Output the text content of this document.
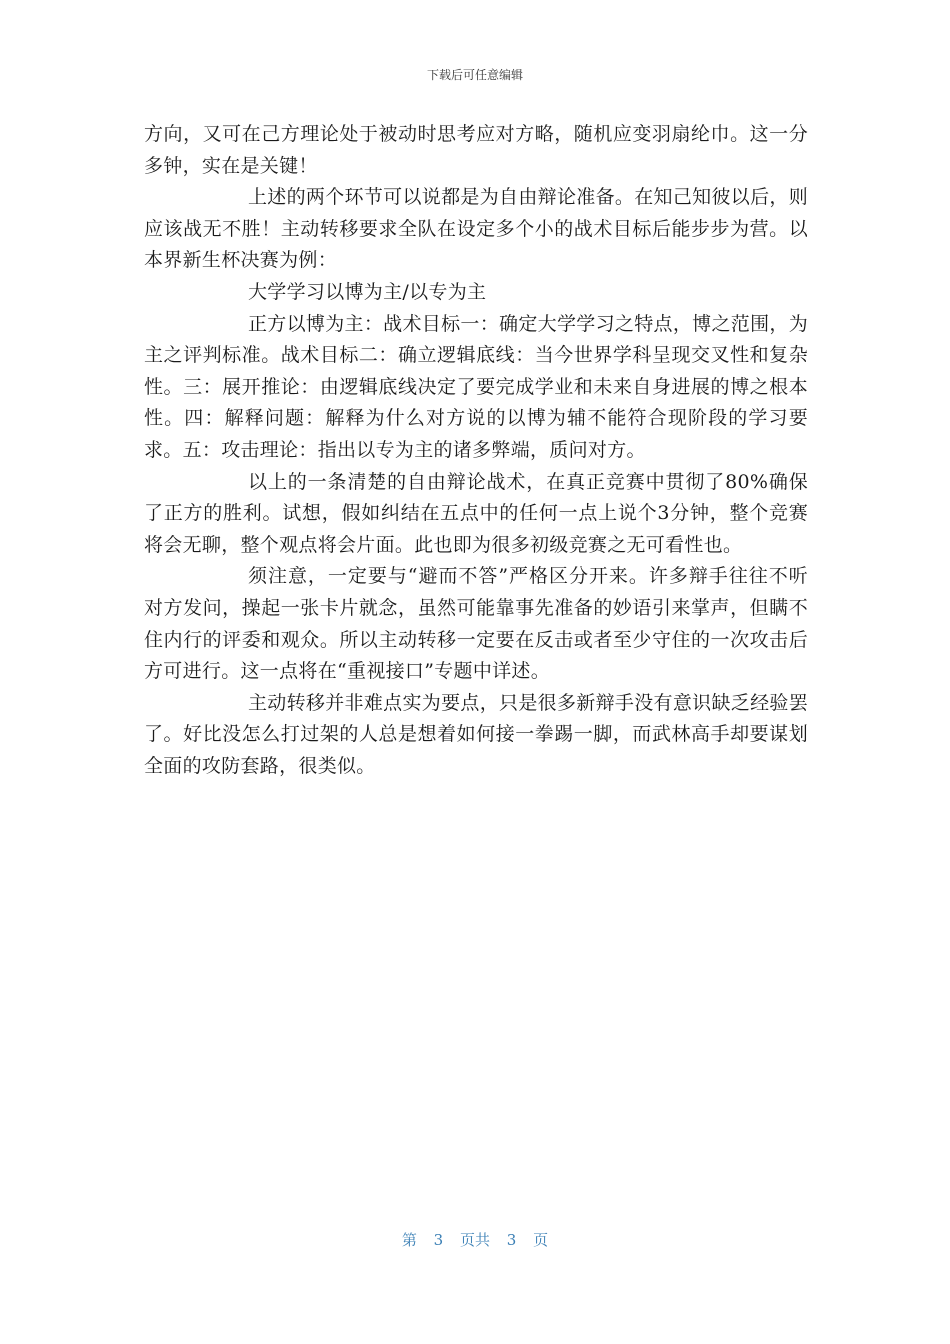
下载后可任意编辑

方向，又可在己方理论处于被动时思考应对方略，随机应变羽扇纶巾。这一分多钟，实在是关键！

上述的两个环节可以说都是为自由辩论准备。在知己知彼以后，则应该战无不胜！主动转移要求全队在设定多个小的战术目标后能步步为营。以本界新生杯决赛为例：

大学学习以博为主/以专为主

正方以博为主：战术目标一：确定大学学习之特点，博之范围，为主之评判标准。战术目标二：确立逻辑底线：当今世界学科呈现交叉性和复杂性。三：展开推论：由逻辑底线决定了要完成学业和未来自身进展的博之根本性。四：解释问题：解释为什么对方说的以博为辅不能符合现阶段的学习要求。五：攻击理论：指出以专为主的诸多弊端，质问对方。

以上的一条清楚的自由辩论战术，在真正竞赛中贯彻了80%确保了正方的胜利。试想，假如纠结在五点中的任何一点上说个3分钟，整个竞赛将会无聊，整个观点将会片面。此也即为很多初级竞赛之无可看性也。

须注意，一定要与“避而不答”严格区分开来。许多辩手往往不听对方发问，操起一张卡片就念，虽然可能靠事先准备的妙语引来掌声，但瞒不住内行的评委和观众。所以主动转移一定要在反击或者至少守住的一次攻击后方可进行。这一点将在“重视接口”专题中详述。

主动转移并非难点实为要点，只是很多新辩手没有意识缺乏经验罢了。好比没怎么打过架的人总是想着如何接一拳踢一脚，而武林高手却要谋划全面的攻防套路，很类似。

第 3 页共 3 页
